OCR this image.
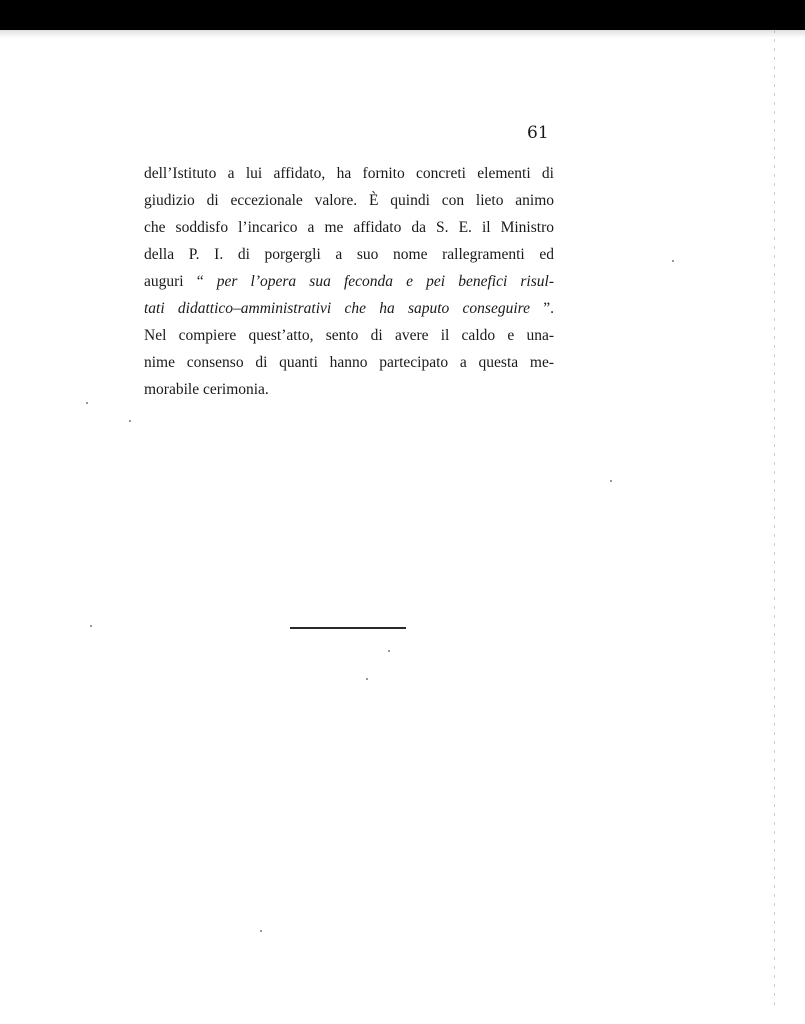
61
dell’Istituto a lui affidato, ha fornito concreti elementi di
giudizio di eccezionale valore. È quindi con lieto animo
che soddisfo l’incarico a me affidato da S. E. il Ministro
della P. I. di porgergli a suo nome rallegramenti ed
auguri “ per l’opera sua feconda e pei benefici risul-
tati didattico–amministrativi che ha saputo conseguire ”.
Nel compiere quest’atto, sento di avere il caldo e una-
nime consenso di quanti hanno partecipato a questa me-
morabile cerimonia.
